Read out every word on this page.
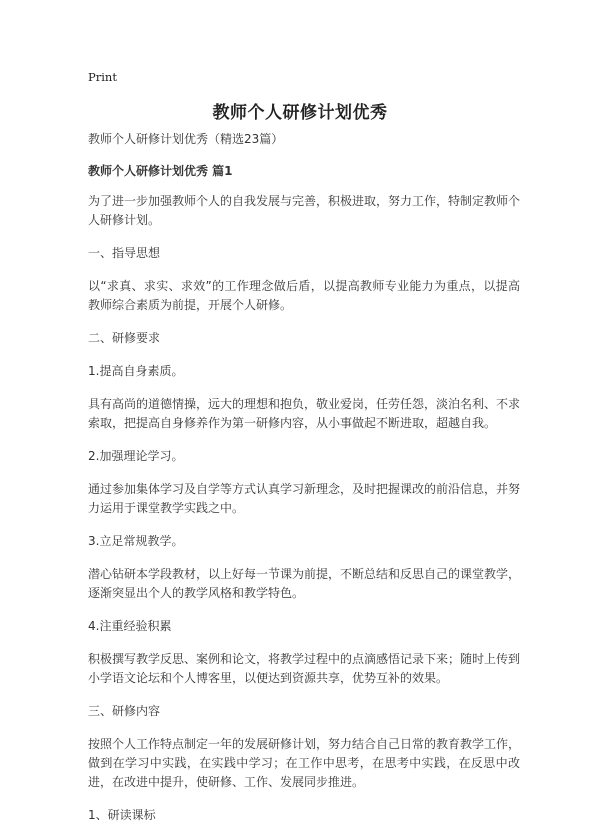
Print
教师个人研修计划优秀

教师个人研修计划优秀（精选23篇）

教师个人研修计划优秀 篇1

为了进一步加强教师个人的自我发展与完善，积极进取，努力工作，特制定教师个人研修计划。

一、指导思想

以“求真、求实、求效”的工作理念做后盾，以提高教师专业能力为重点，以提高教师综合素质为前提，开展个人研修。

二、研修要求

1.提高自身素质。

具有高尚的道德情操，远大的理想和抱负，敬业爱岗，任劳任怨，淡泊名利、不求索取，把提高自身修养作为第一研修内容，从小事做起不断进取，超越自我。

2.加强理论学习。

通过参加集体学习及自学等方式认真学习新理念，及时把握课改的前沿信息，并努力运用于课堂教学实践之中。

3.立足常规教学。

潜心钻研本学段教材，以上好每一节课为前提，不断总结和反思自己的课堂教学，逐渐突显出个人的教学风格和教学特色。

4.注重经验积累

积极撰写教学反思、案例和论文，将教学过程中的点滴感悟记录下来；随时上传到小学语文论坛和个人博客里，以便达到资源共享，优势互补的效果。

三、研修内容

按照个人工作特点制定一年的发展研修计划，努力结合自己日常的教育教学工作，做到在学习中实践，在实践中学习；在工作中思考，在思考中实践，在反思中改进，在改进中提升，使研修、工作、发展同步推进。

1、研读课标
